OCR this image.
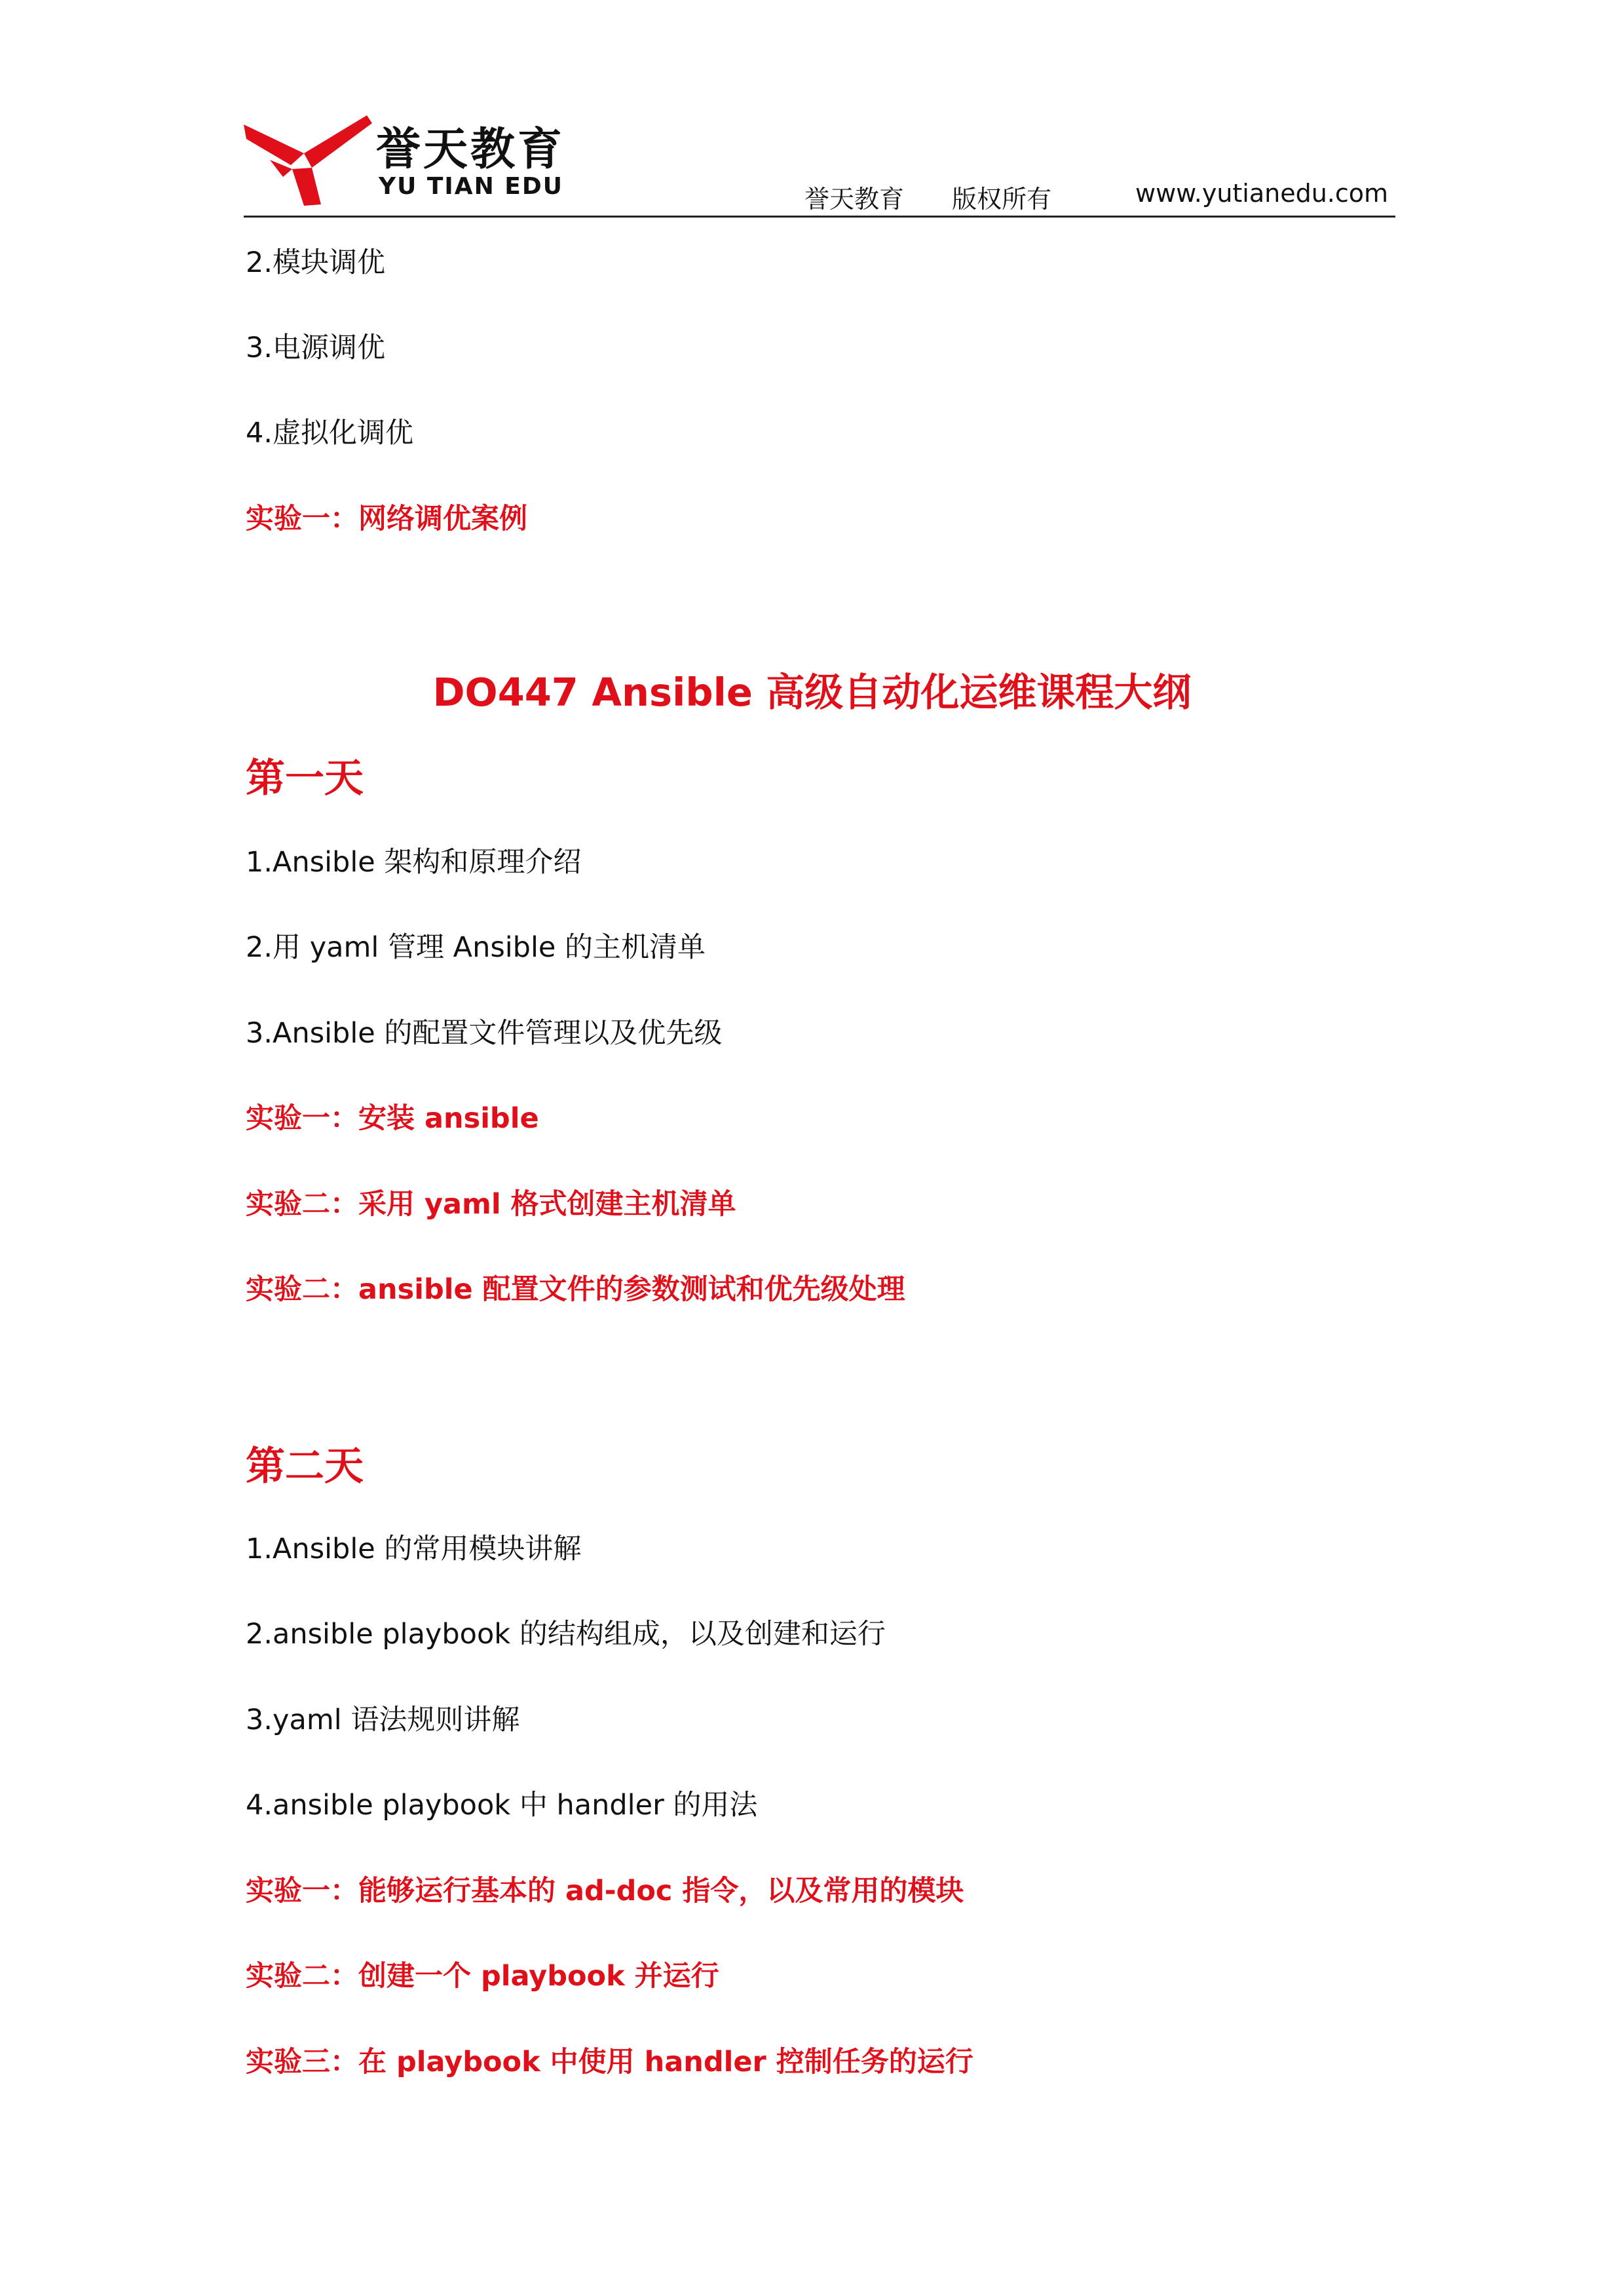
誉天教育
YU TIAN EDU	誉天教育 版权所有	www.yutianedu.com
2.模块调优
3.电源调优
4.虚拟化调优
实验一：网络调优案例
DO447 Ansible 高级自动化运维课程大纲
第一天
1.Ansible 架构和原理介绍
2.用 yaml 管理 Ansible 的主机清单
3.Ansible 的配置文件管理以及优先级
实验一：安装 ansible
实验二：采用 yaml 格式创建主机清单
实验二：ansible 配置文件的参数测试和优先级处理
第二天
1.Ansible 的常用模块讲解
2.ansible playbook 的结构组成，以及创建和运行
3.yaml 语法规则讲解
4.ansible playbook 中 handler 的用法
实验一：能够运行基本的 ad-doc 指令，以及常用的模块
实验二：创建一个 playbook 并运行
实验三：在 playbook 中使用 handler 控制任务的运行
